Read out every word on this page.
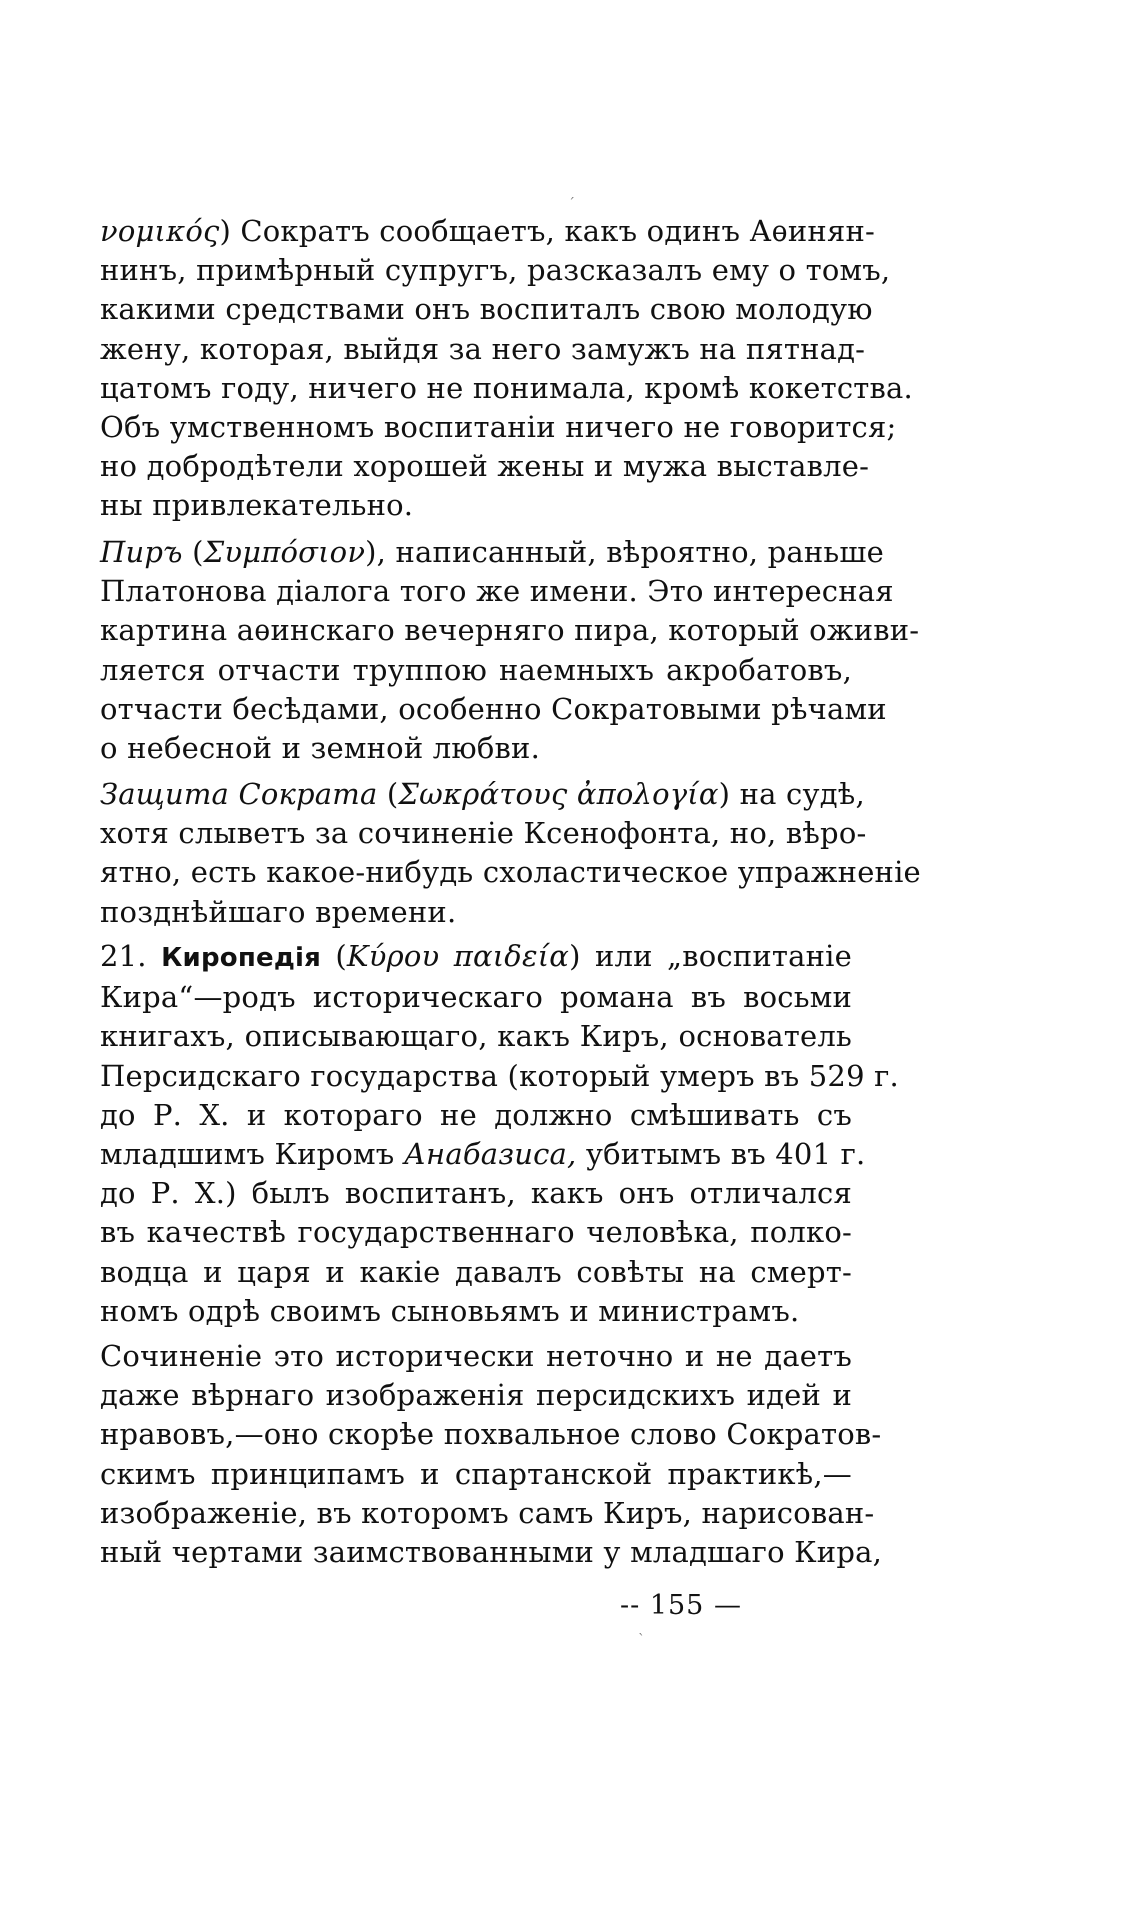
´
νομικός) Сократъ сообщаетъ, какъ одинъ Аѳинян-
нинъ, примѣрный супругъ, разсказалъ ему о томъ,
какими средствами онъ воспиталъ свою молодую
жену, которая, выйдя за него замужъ на пятнад-
цатомъ году, ничего не понимала, кромѣ кокетства.
Объ умственномъ воспитаніи ничего не говорится;
но добродѣтели хорошей жены и мужа выставле-
ны привлекательно.
Пиръ (Συμπόσιον), написанный, вѣроятно, раньше
Платонова діалога того же имени. Это интересная
картина аѳинскаго вечерняго пира, который оживи-
ляется отчасти труппою наемныхъ акробатовъ,
отчасти бесѣдами, особенно Сократовыми рѣчами
о небесной и земной любви.
Защита Сократа (Σωκράτους ἀπολογία) на судѣ,
хотя слыветъ за сочиненіе Ксенофонта, но, вѣро-
ятно, есть какое-нибудь схоластическое упражненіе
позднѣйшаго времени.
21. Киропедія (Κύρου παιδεία) или „воспитаніе
Кира“—родъ историческаго романа въ восьми
книгахъ, описывающаго, какъ Киръ, основатель
Персидскаго государства (который умеръ въ 529 г.
до Р. Х. и котораго не должно смѣшивать съ
младшимъ Киромъ Анабазиса, убитымъ въ 401 г.
до Р. Х.) былъ воспитанъ, какъ онъ отличался
въ качествѣ государственнаго человѣка, полко-
водца и царя и какіе давалъ совѣты на смерт-
номъ одрѣ своимъ сыновьямъ и министрамъ.
Сочиненіе это исторически неточно и не даетъ
даже вѣрнаго изображенія персидскихъ идей и
нравовъ,—оно скорѣе похвальное слово Сократов-
скимъ принципамъ и спартанской практикѣ,—
изображеніе, въ которомъ самъ Киръ, нарисован-
ный чертами заимствованными у младшаго Кира,
-- 155 —
`
